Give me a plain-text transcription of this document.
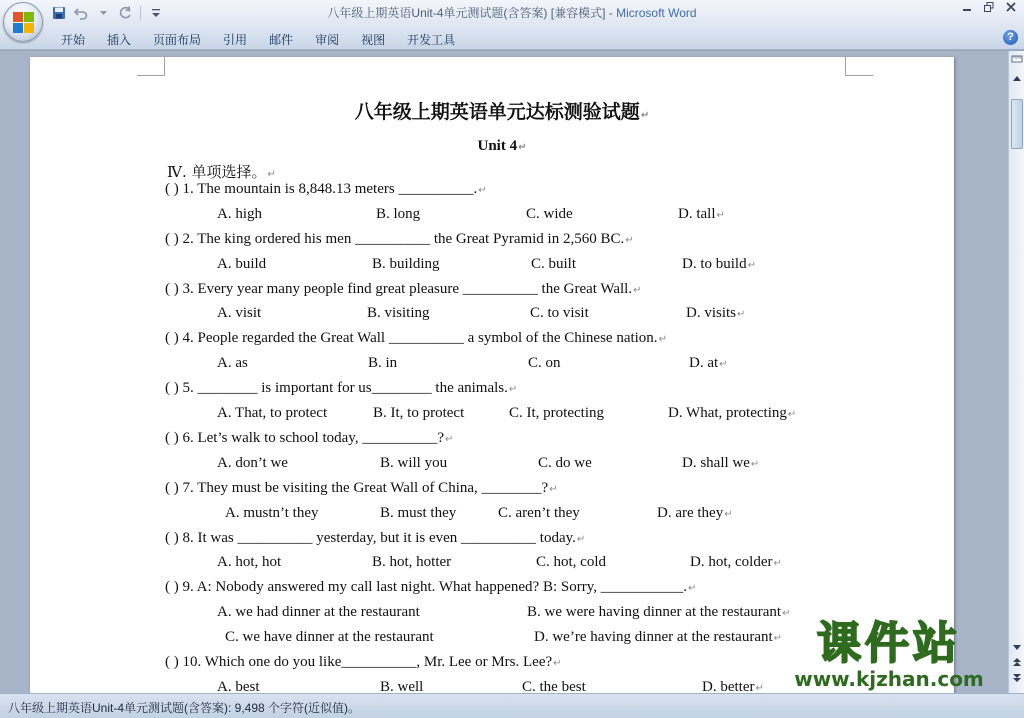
八年级上期英语Unit-4单元测试题(含答案) [兼容模式] - Microsoft Word
开始	插入	页面布局	引用	邮件	审阅	视图	开发工具	?
八年级上期英语单元达标测验试题↵
Unit 4↵
Ⅳ. 单项选择。↵
( ) 1. The mountain is 8,848.13 meters __________.↵
A. high	B. long	C. wide	D. tall↵
( ) 2. The king ordered his men __________ the Great Pyramid in 2,560 BC.↵
A. build	B. building	C. built	D. to build↵
( ) 3. Every year many people find great pleasure __________ the Great Wall.↵
A. visit	B. visiting	C. to visit	D. visits↵
( ) 4. People regarded the Great Wall __________ a symbol of the Chinese nation.↵
A. as	B. in	C. on	D. at↵
( ) 5. ________ is important for us________ the animals.↵
A. That, to protect	B. It, to protect	C. It, protecting	D. What, protecting↵
( ) 6. Let’s walk to school today, __________?↵
A. don’t we	B. will you	C. do we	D. shall we↵
( ) 7. They must be visiting the Great Wall of China, ________?↵
A. mustn’t they	B. must they	C. aren’t they	D. are they↵
( ) 8. It was __________ yesterday, but it is even __________ today.↵
A. hot, hot	B. hot, hotter	C. hot, cold	D. hot, colder↵
( ) 9. A: Nobody answered my call last night. What happened? B: Sorry, ___________.↵
A. we had dinner at the restaurant	B. we were having dinner at the restaurant↵
C. we have dinner at the restaurant	D. we’re having dinner at the restaurant↵
( ) 10. Which one do you like__________, Mr. Lee or Mrs. Lee?↵
A. best	B. well	C. the best	D. better↵
八年级上期英语Unit-4单元测试题(含答案): 9,498 个字符(近似值)。
课件站
www.kjzhan.com
